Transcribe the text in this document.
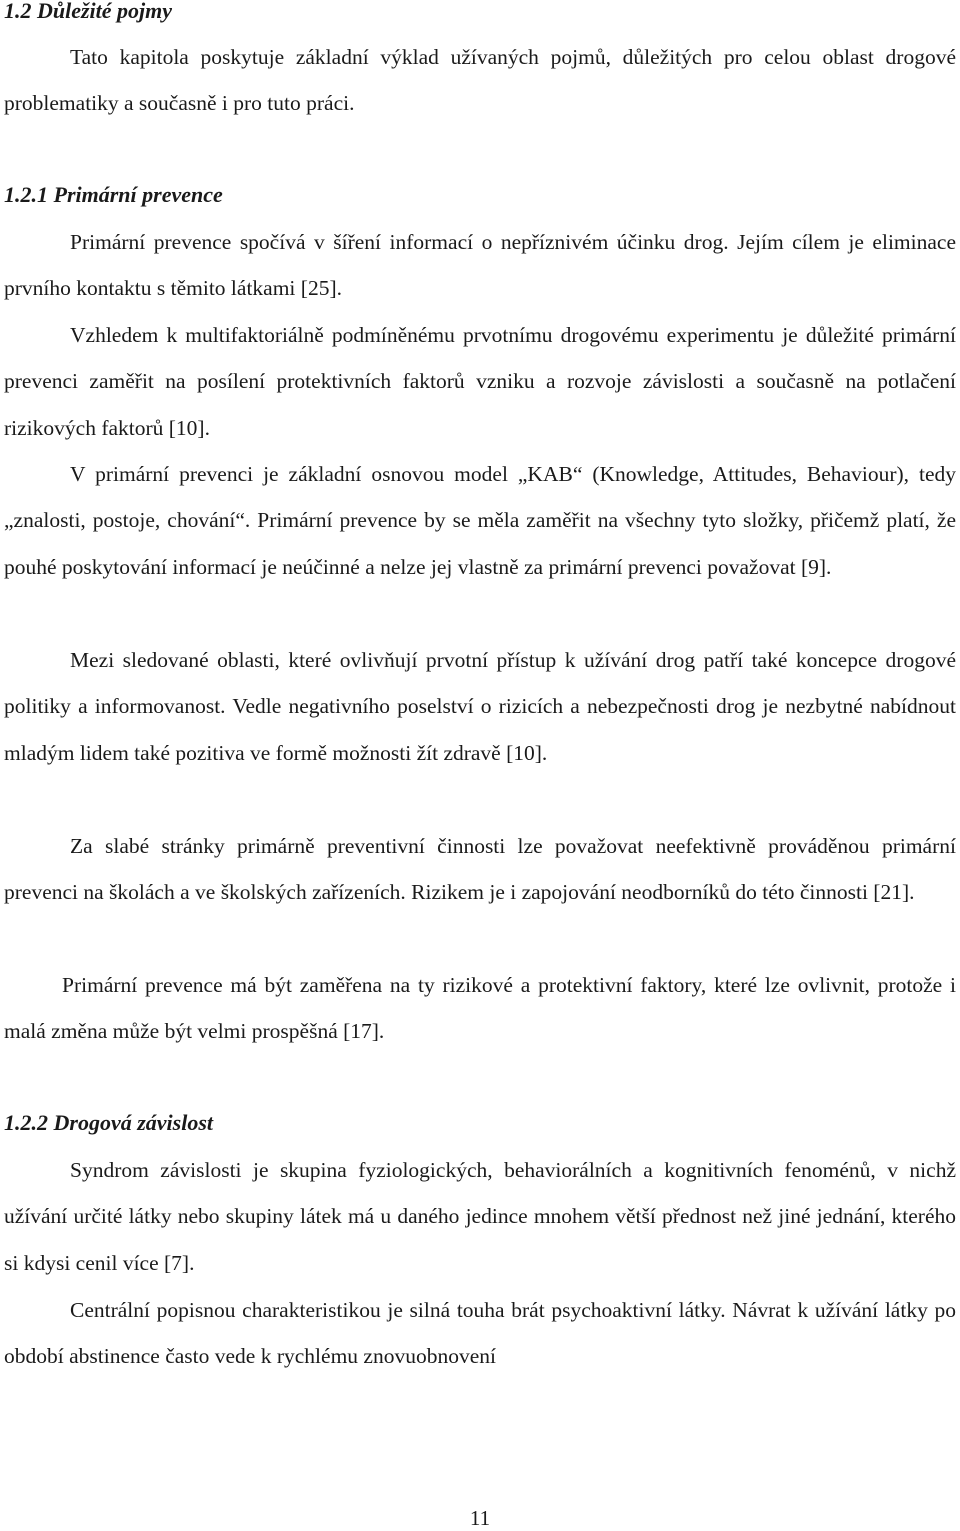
1.2 Důležité pojmy

Tato kapitola poskytuje základní výklad užívaných pojmů, důležitých pro celou oblast drogové problematiky a současně i pro tuto práci.

1.2.1 Primární prevence

Primární prevence spočívá v šíření informací o nepříznivém účinku drog. Jejím cílem je eliminace prvního kontaktu s těmito látkami [25].

Vzhledem k multifaktoriálně podmíněnému prvotnímu drogovému experimentu je důležité primární prevenci zaměřit na posílení protektivních faktorů vzniku a rozvoje závislosti a současně na potlačení rizikových faktorů [10].

V primární prevenci je základní osnovou model „KAB“ (Knowledge, Attitudes, Behaviour), tedy „znalosti, postoje, chování“. Primární prevence by se měla zaměřit na všechny tyto složky, přičemž platí, že pouhé poskytování informací je neúčinné a nelze jej vlastně za primární prevenci považovat [9].

Mezi sledované oblasti, které ovlivňují prvotní přístup k užívání drog patří také koncepce drogové politiky a informovanost. Vedle negativního poselství o rizicích a nebezpečnosti drog je nezbytné nabídnout mladým lidem také pozitiva ve formě možnosti žít zdravě [10].

Za slabé stránky primárně preventivní činnosti lze považovat neefektivně prováděnou primární prevenci na školách a ve školských zařízeních. Rizikem je i zapojování neodborníků do této činnosti [21].

Primární prevence má být zaměřena na ty rizikové a protektivní faktory, které lze ovlivnit, protože i malá změna může být velmi prospěšná [17].

1.2.2 Drogová závislost

Syndrom závislosti je skupina fyziologických, behaviorálních a kognitivních fenoménů, v nichž užívání určité látky nebo skupiny látek má u daného jedince mnohem větší přednost než jiné jednání, kterého si kdysi cenil více [7].

Centrální popisnou charakteristikou je silná touha brát psychoaktivní látky. Návrat k užívání látky po období abstinence často vede k rychlému znovuobnovení

11
